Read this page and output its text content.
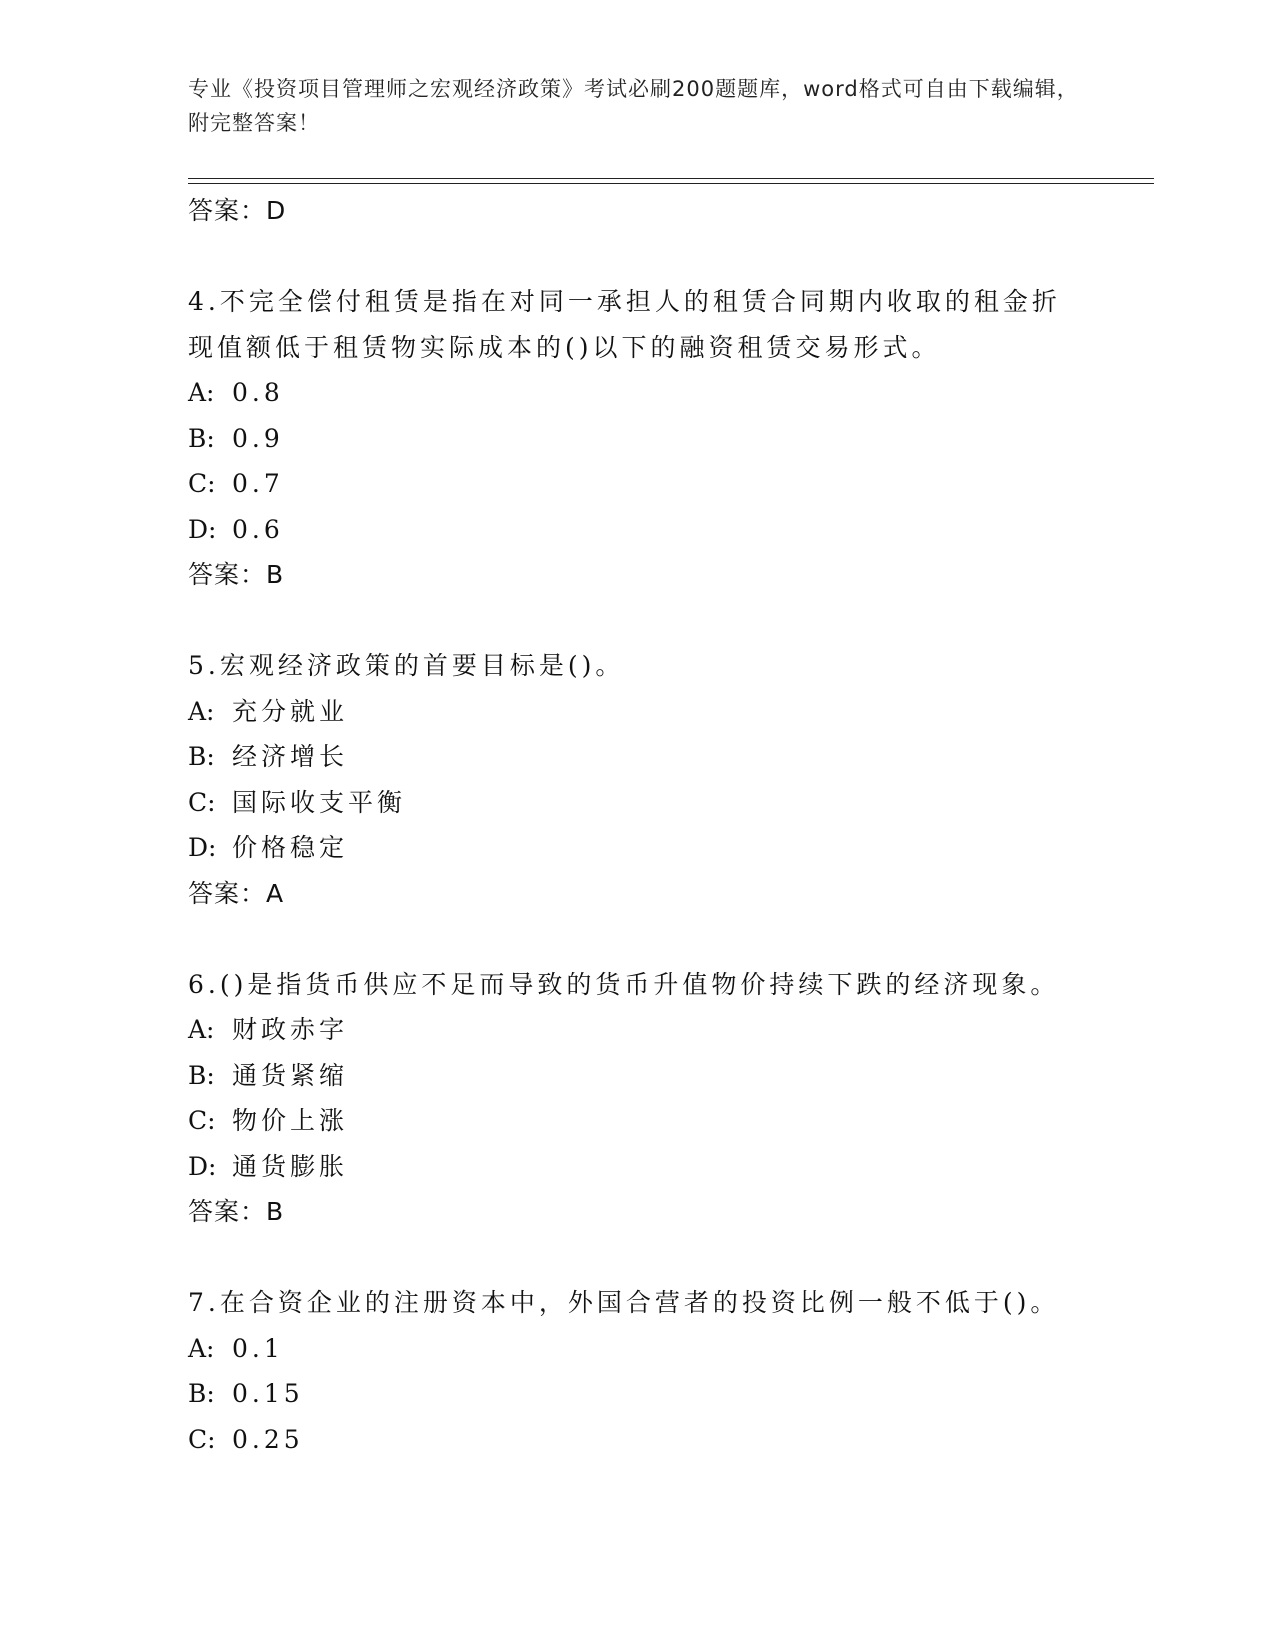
专业《投资项目管理师之宏观经济政策》考试必刷200题题库，word格式可自由下载编辑，附完整答案！
答案：D
4.不完全偿付租赁是指在对同一承担人的租赁合同期内收取的租金折现值额低于租赁物实际成本的()以下的融资租赁交易形式。
A: 0.8
B: 0.9
C: 0.7
D: 0.6
答案：B
5.宏观经济政策的首要目标是()。
A: 充分就业
B: 经济增长
C: 国际收支平衡
D: 价格稳定
答案：A
6.()是指货币供应不足而导致的货币升值物价持续下跌的经济现象。
A: 财政赤字
B: 通货紧缩
C: 物价上涨
D: 通货膨胀
答案：B
7.在合资企业的注册资本中，外国合营者的投资比例一般不低于()。
A: 0.1
B: 0.15
C: 0.25
